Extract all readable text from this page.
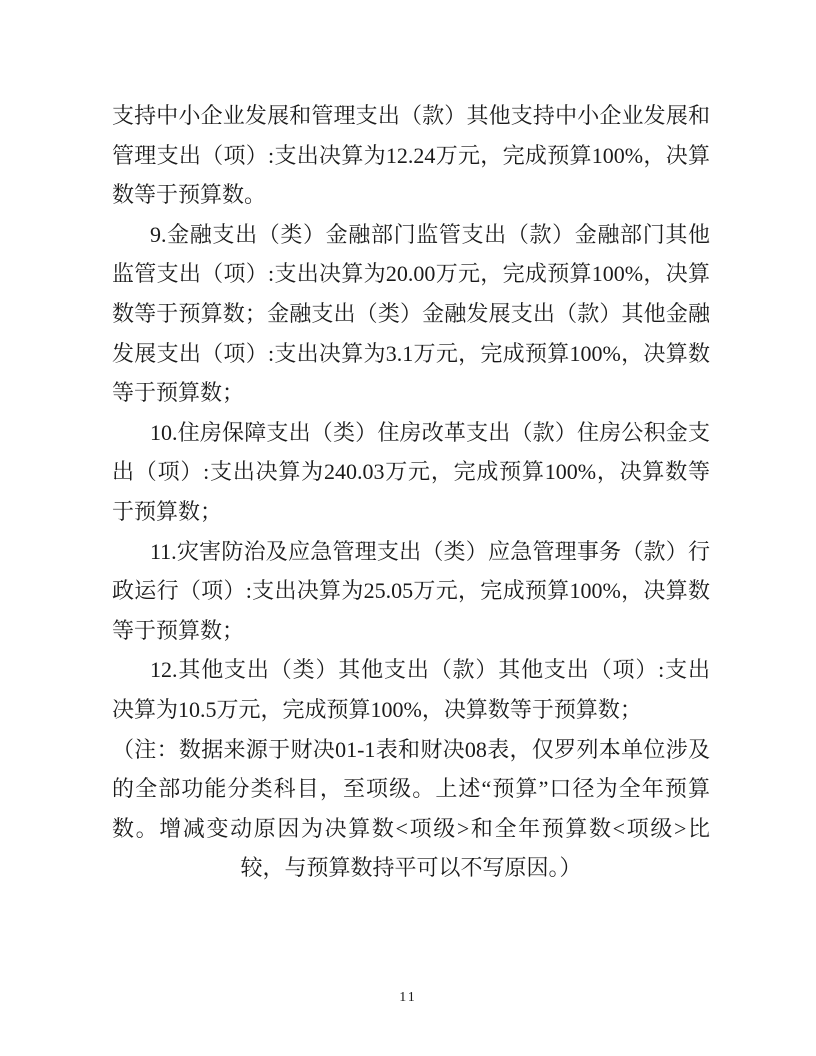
支持中小企业发展和管理支出（款）其他支持中小企业发展和管理支出（项）:支出决算为12.24万元，完成预算100%，决算数等于预算数。

9.金融支出（类）金融部门监管支出（款）金融部门其他监管支出（项）:支出决算为20.00万元，完成预算100%，决算数等于预算数；金融支出（类）金融发展支出（款）其他金融发展支出（项）:支出决算为3.1万元，完成预算100%，决算数等于预算数；

10.住房保障支出（类）住房改革支出（款）住房公积金支出（项）:支出决算为240.03万元，完成预算100%，决算数等于预算数；

11.灾害防治及应急管理支出（类）应急管理事务（款）行政运行（项）:支出决算为25.05万元，完成预算100%，决算数等于预算数；

12.其他支出（类）其他支出（款）其他支出（项）:支出决算为10.5万元，完成预算100%，决算数等于预算数；

（注：数据来源于财决01-1表和财决08表，仅罗列本单位涉及的全部功能分类科目，至项级。上述“预算”口径为全年预算数。增减变动原因为决算数<项级>和全年预算数<项级>比较，与预算数持平可以不写原因。）

11
